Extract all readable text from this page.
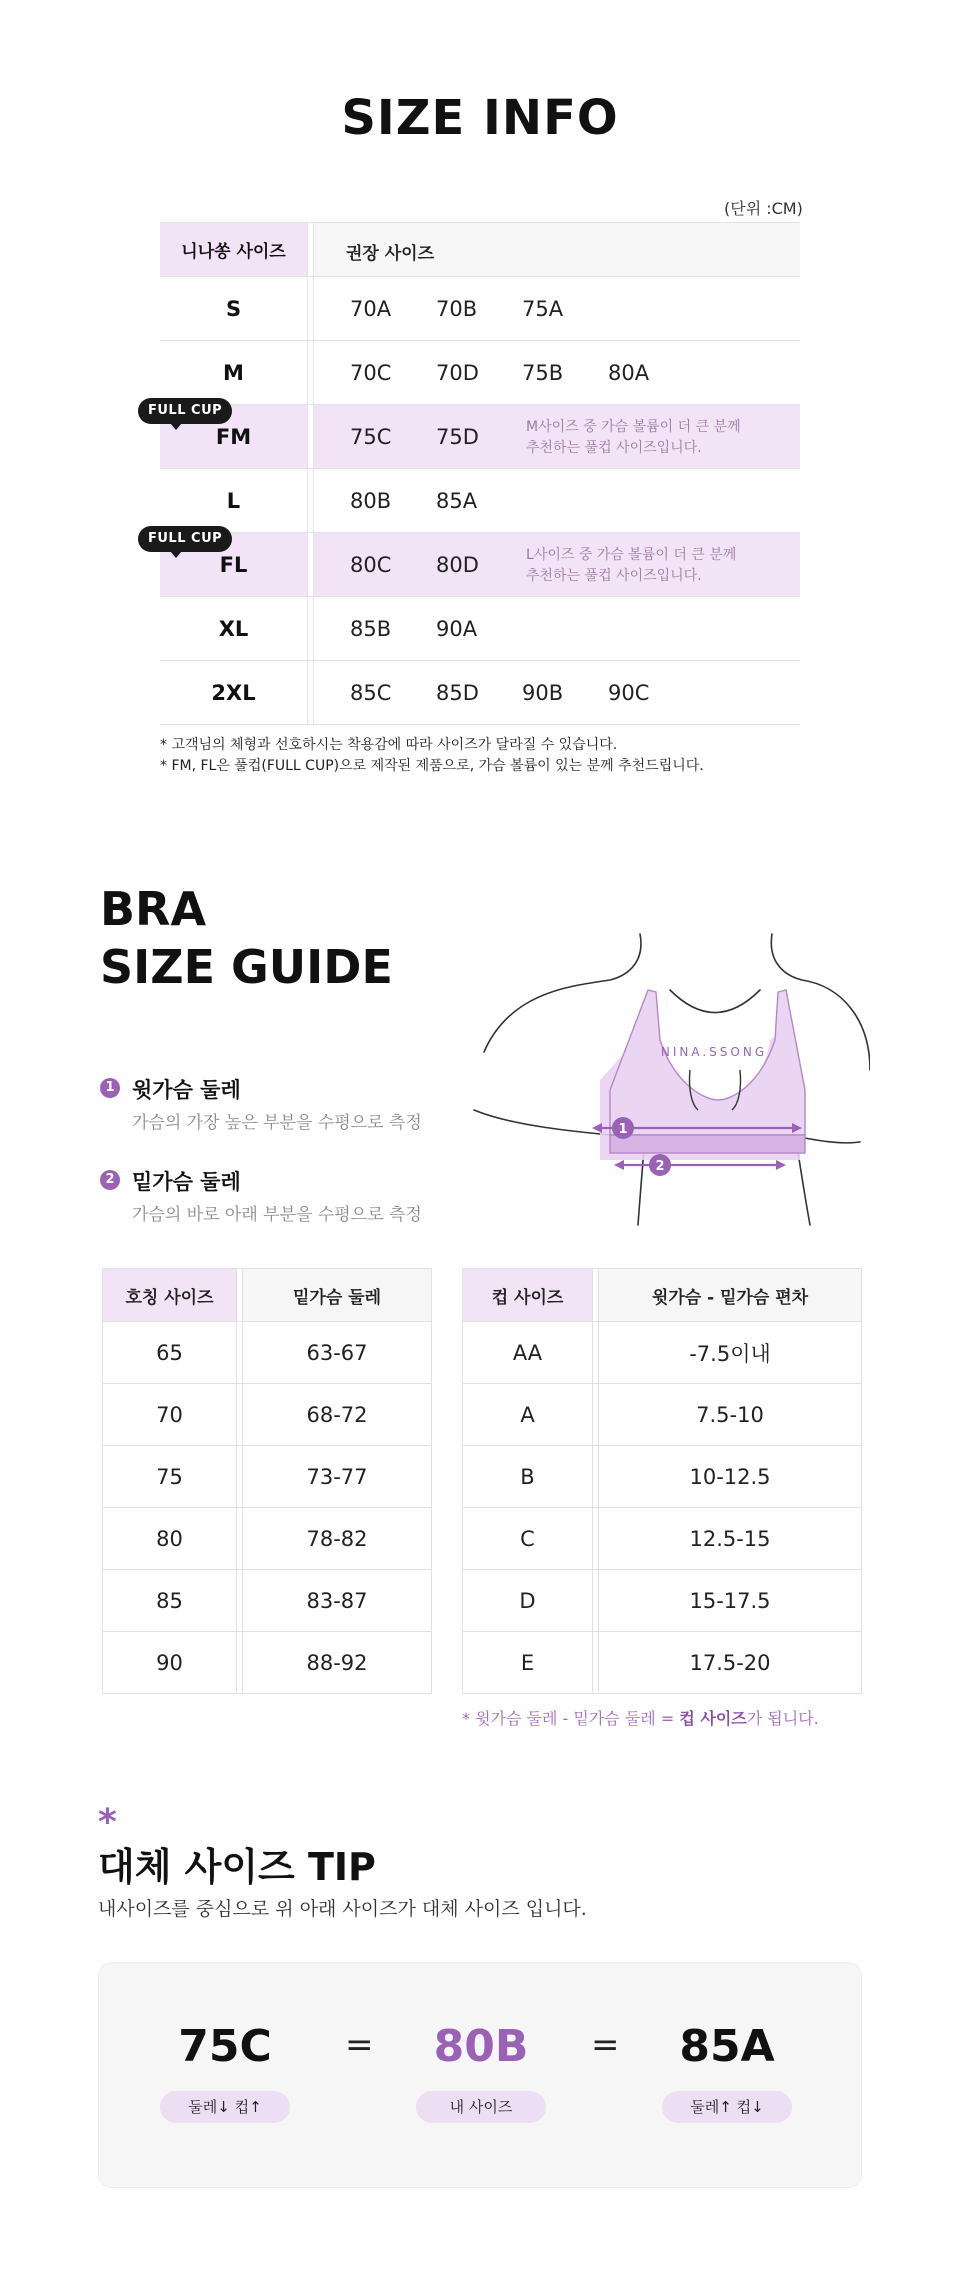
SIZE INFO
(단위 :CM)
니나쏭 사이즈	권장 사이즈
S	70A 70B 75A
M	70C 70D 75B 80A
FM	75C 75D	M사이즈 중 가슴 볼륨이 더 큰 분께
추천하는 풀컵 사이즈입니다.
L	80B 85A
FL	80C 80D	L사이즈 중 가슴 볼륨이 더 큰 분께
추천하는 풀컵 사이즈입니다.
XL	85B 90A
2XL	85C 85D 90B 90C
FULL CUP
FULL CUP
* 고객님의 체형과 선호하시는 착용감에 따라 사이즈가 달라질 수 있습니다.
* FM, FL은 풀컵(FULL CUP)으로 제작된 제품으로, 가슴 볼륨이 있는 분께 추천드립니다.
BRA
SIZE GUIDE
1 윗가슴 둘레
가슴의 가장 높은 부분을 수평으로 측정
2 밑가슴 둘레
가슴의 바로 아래 부분을 수평으로 측정
NINA.SSONG
1
2
호칭 사이즈	밑가슴 둘레
65	63-67
70	68-72
75	73-77
80	78-82
85	83-87
90	88-92
컵 사이즈	윗가슴 - 밑가슴 편차
AA	-7.5이내
A	7.5-10
B	10-12.5
C	12.5-15
D	15-17.5
E	17.5-20
* 윗가슴 둘레 - 밑가슴 둘레 = 컵 사이즈가 됩니다.
*
대체 사이즈 TIP
내사이즈를 중심으로 위 아래 사이즈가 대체 사이즈 입니다.
75C	=	80B	=	85A
둘레↓ 컵↑	내 사이즈	둘레↑ 컵↓
